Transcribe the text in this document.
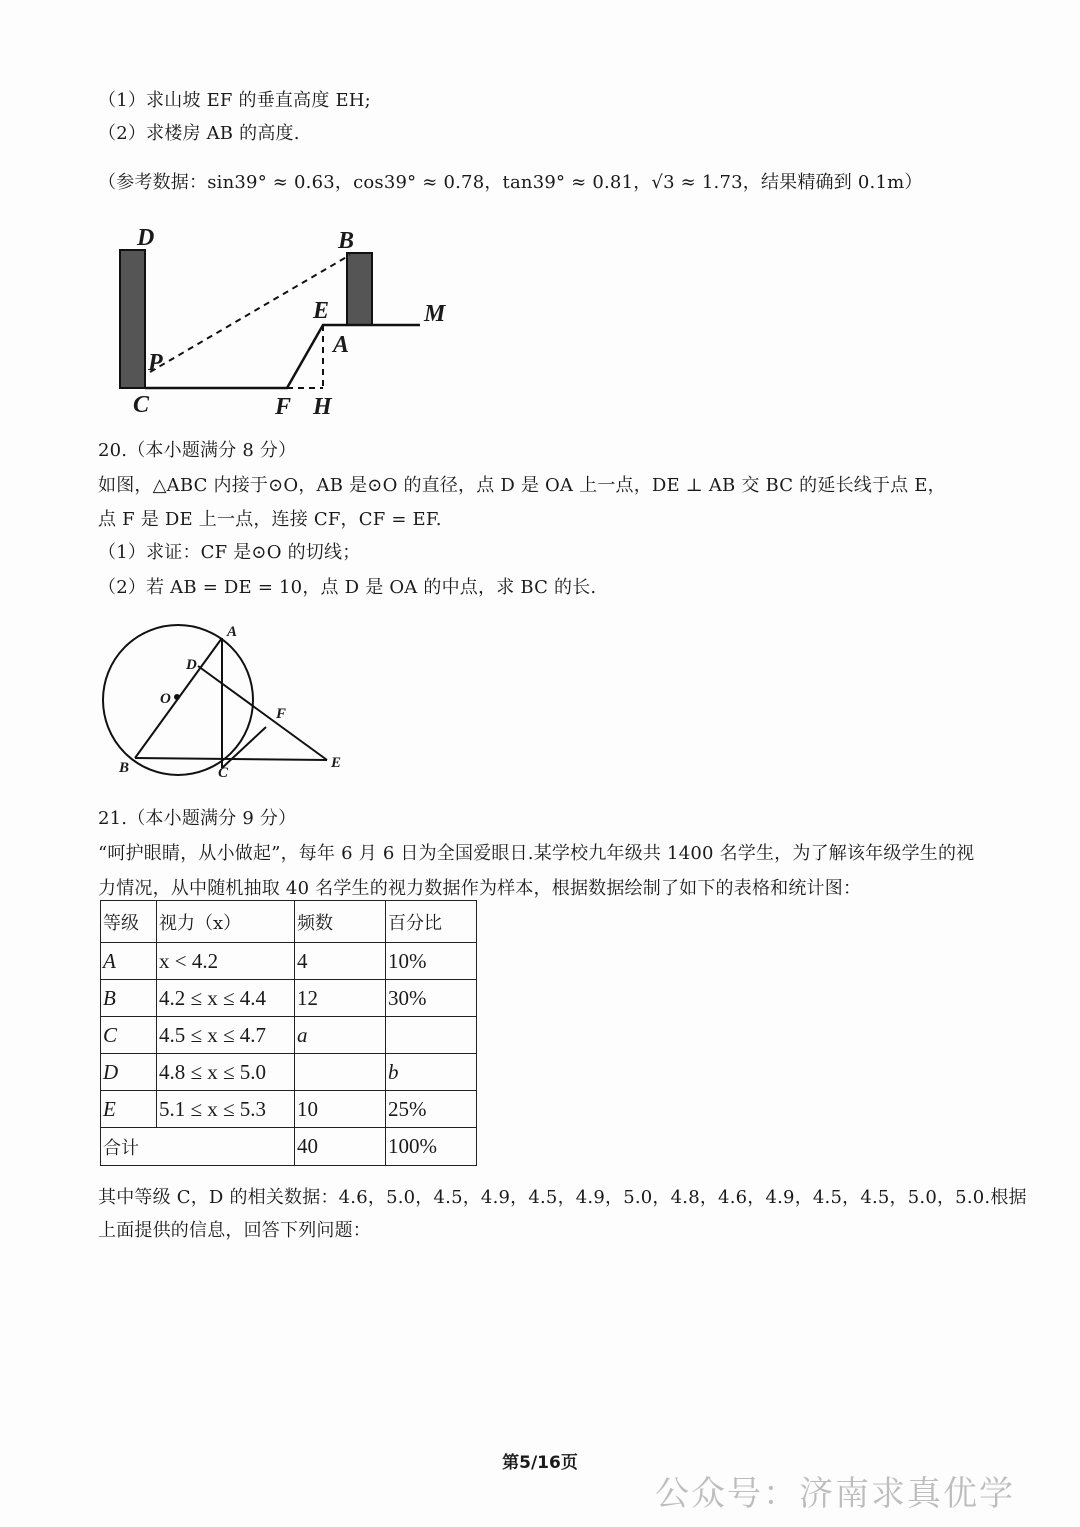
（1）求山坡 EF 的垂直高度 EH;
（2）求楼房 AB 的高度.
（参考数据：sin39° ≈ 0.63，cos39° ≈ 0.78，tan39° ≈ 0.81，√3 ≈ 1.73，结果精确到 0.1m）
D	B
E	M
A
P
C	F H
A
D
O
F
B	C
E
20.（本小题满分 8 分）
如图，△ABC 内接于⊙O，AB 是⊙O 的直径，点 D 是 OA 上一点，DE ⊥ AB 交 BC 的延长线于点 E，
点 F 是 DE 上一点，连接 CF，CF = EF.
（1）求证：CF 是⊙O 的切线；
（2）若 AB = DE = 10，点 D 是 OA 的中点，求 BC 的长.
21.（本小题满分 9 分）
“呵护眼睛，从小做起”，每年 6 月 6 日为全国爱眼日.某学校九年级共 1400 名学生，为了解该年级学生的视
力情况，从中随机抽取 40 名学生的视力数据作为样本，根据数据绘制了如下的表格和统计图：
等级	视力（x）	频数	百分比
A	x < 4.2	4	10%
B	4.2 ≤ x ≤ 4.4	12	30%
C	4.5 ≤ x ≤ 4.7	a	
D	4.8 ≤ x ≤ 5.0		b
E	5.1 ≤ x ≤ 5.3	10	25%
合计		40	100%
其中等级 C，D 的相关数据：4.6，5.0，4.5，4.9，4.5，4.9，5.0，4.8，4.6，4.9，4.5，4.5，5.0，5.0.根据
上面提供的信息，回答下列问题：
第5/16页
公众号：济南求真优学
